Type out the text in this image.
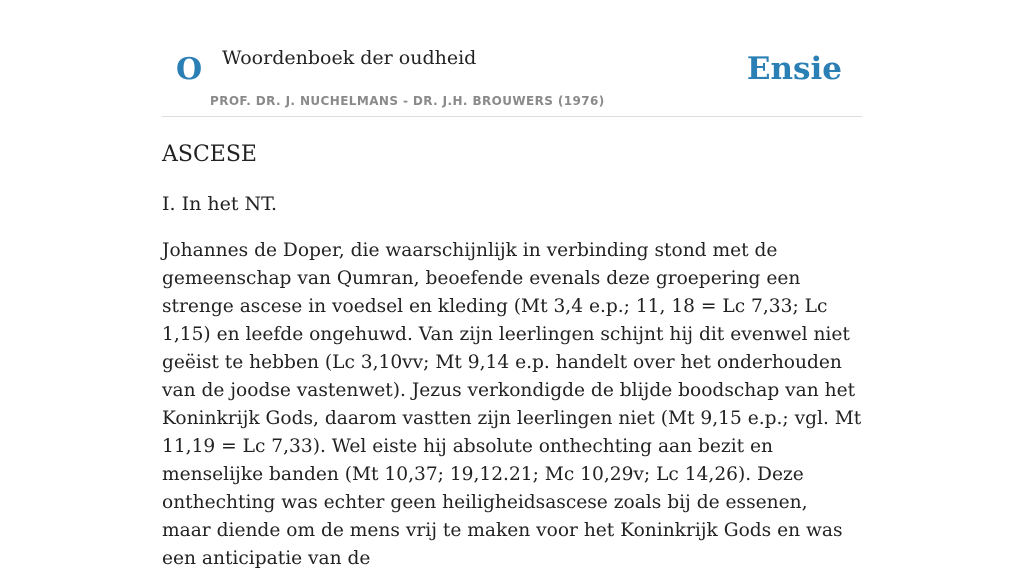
O Woordenboek der oudheid
PROF. DR. J. NUCHELMANS - DR. J.H. BROUWERS (1976)
Ensie
ASCESE

I. In het NT.

Johannes de Doper, die waarschijnlijk in verbinding stond met de gemeenschap van Qumran, beoefende evenals deze groepering een strenge ascese in voedsel en kleding (Mt 3,4 e.p.; 11, 18 = Lc 7,33; Lc 1,15) en leefde ongehuwd. Van zijn leerlingen schijnt hij dit evenwel niet geëist te hebben (Lc 3,10vv; Mt 9,14 e.p. handelt over het onderhouden van de joodse vastenwet). Jezus verkondigde de blijde boodschap van het Koninkrijk Gods, daarom vastten zijn leerlingen niet (Mt 9,15 e.p.; vgl. Mt 11,19 = Lc 7,33). Wel eiste hij absolute onthechting aan bezit en menselijke banden (Mt 10,37; 19,12.21; Mc 10,29v; Lc 14,26). Deze onthechting was echter geen heiligheidsascese zoals bij de essenen, maar diende om de mens vrij te maken voor het Koninkrijk Gods en was een anticipatie van de
